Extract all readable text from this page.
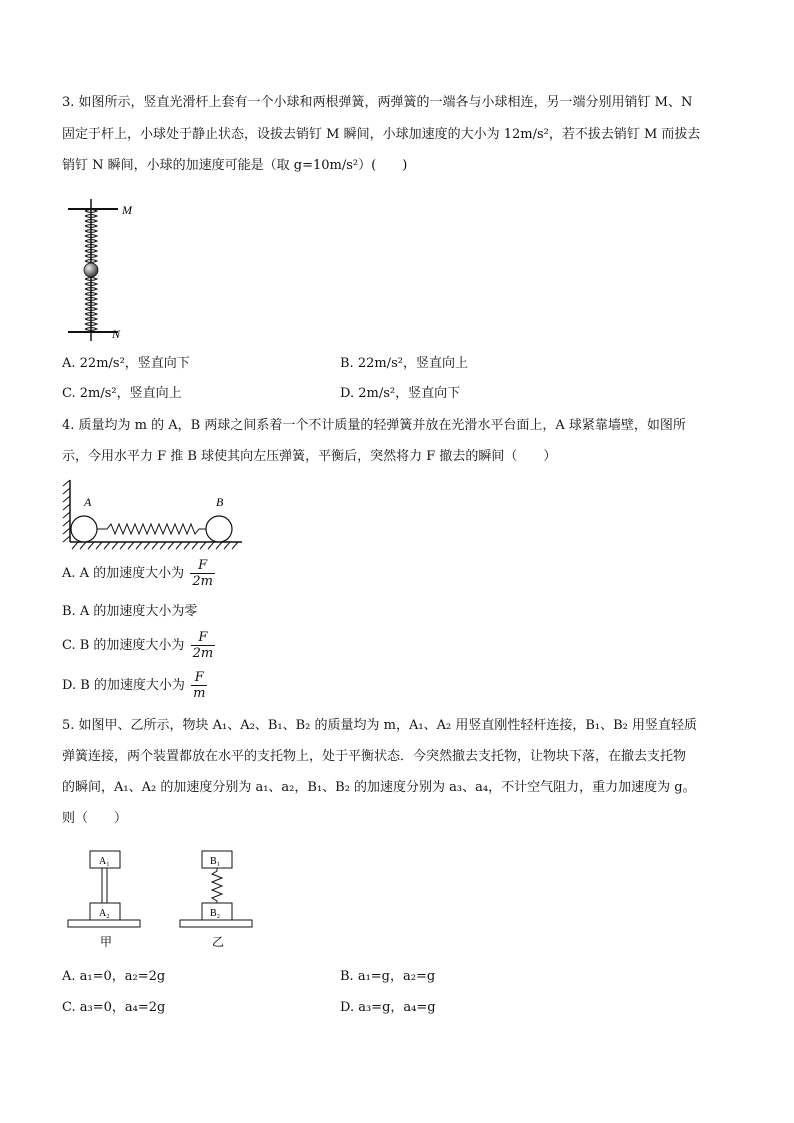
3. 如图所示，竖直光滑杆上套有一个小球和两根弹簧，两弹簧的一端各与小球相连，另一端分别用销钉 M、N
固定于杆上，小球处于静止状态，设拔去销钉 M 瞬间，小球加速度的大小为 12m/s²，若不拔去销钉 M 而拔去
销钉 N 瞬间，小球的加速度可能是（取 g=10m/s²）(　　)
M
N
A. 22m/s²，竖直向下	B. 22m/s²，竖直向上
C. 2m/s²，竖直向上	D. 2m/s²，竖直向下
4. 质量均为 m 的 A，B 两球之间系着一个不计质量的轻弹簧并放在光滑水平台面上，A 球紧靠墙壁，如图所
示，今用水平力 F 推 B 球使其向左压弹簧，平衡后，突然将力 F 撤去的瞬间（　　）
A	B
A. A 的加速度大小为 $\frac{F}{2m}$
B. A 的加速度大小为零
C. B 的加速度大小为 $\frac{F}{2m}$
D. B 的加速度大小为 $\frac{F}{m}$
5. 如图甲、乙所示，物块 A₁、A₂、B₁、B₂ 的质量均为 m，A₁、A₂ 用竖直刚性轻杆连接，B₁、B₂ 用竖直轻质
弹簧连接，两个装置都放在水平的支托物上，处于平衡状态．今突然撤去支托物，让物块下落，在撤去支托物
的瞬间，A₁、A₂ 的加速度分别为 a₁、a₂，B₁、B₂ 的加速度分别为 a₃、a₄，不计空气阻力，重力加速度为 g。
则（　　）
A₁
A₂
甲
B₁
B₂
乙
A. a₁=0，a₂=2g	B. a₁=g，a₂=g
C. a₃=0，a₄=2g	D. a₃=g，a₄=g
